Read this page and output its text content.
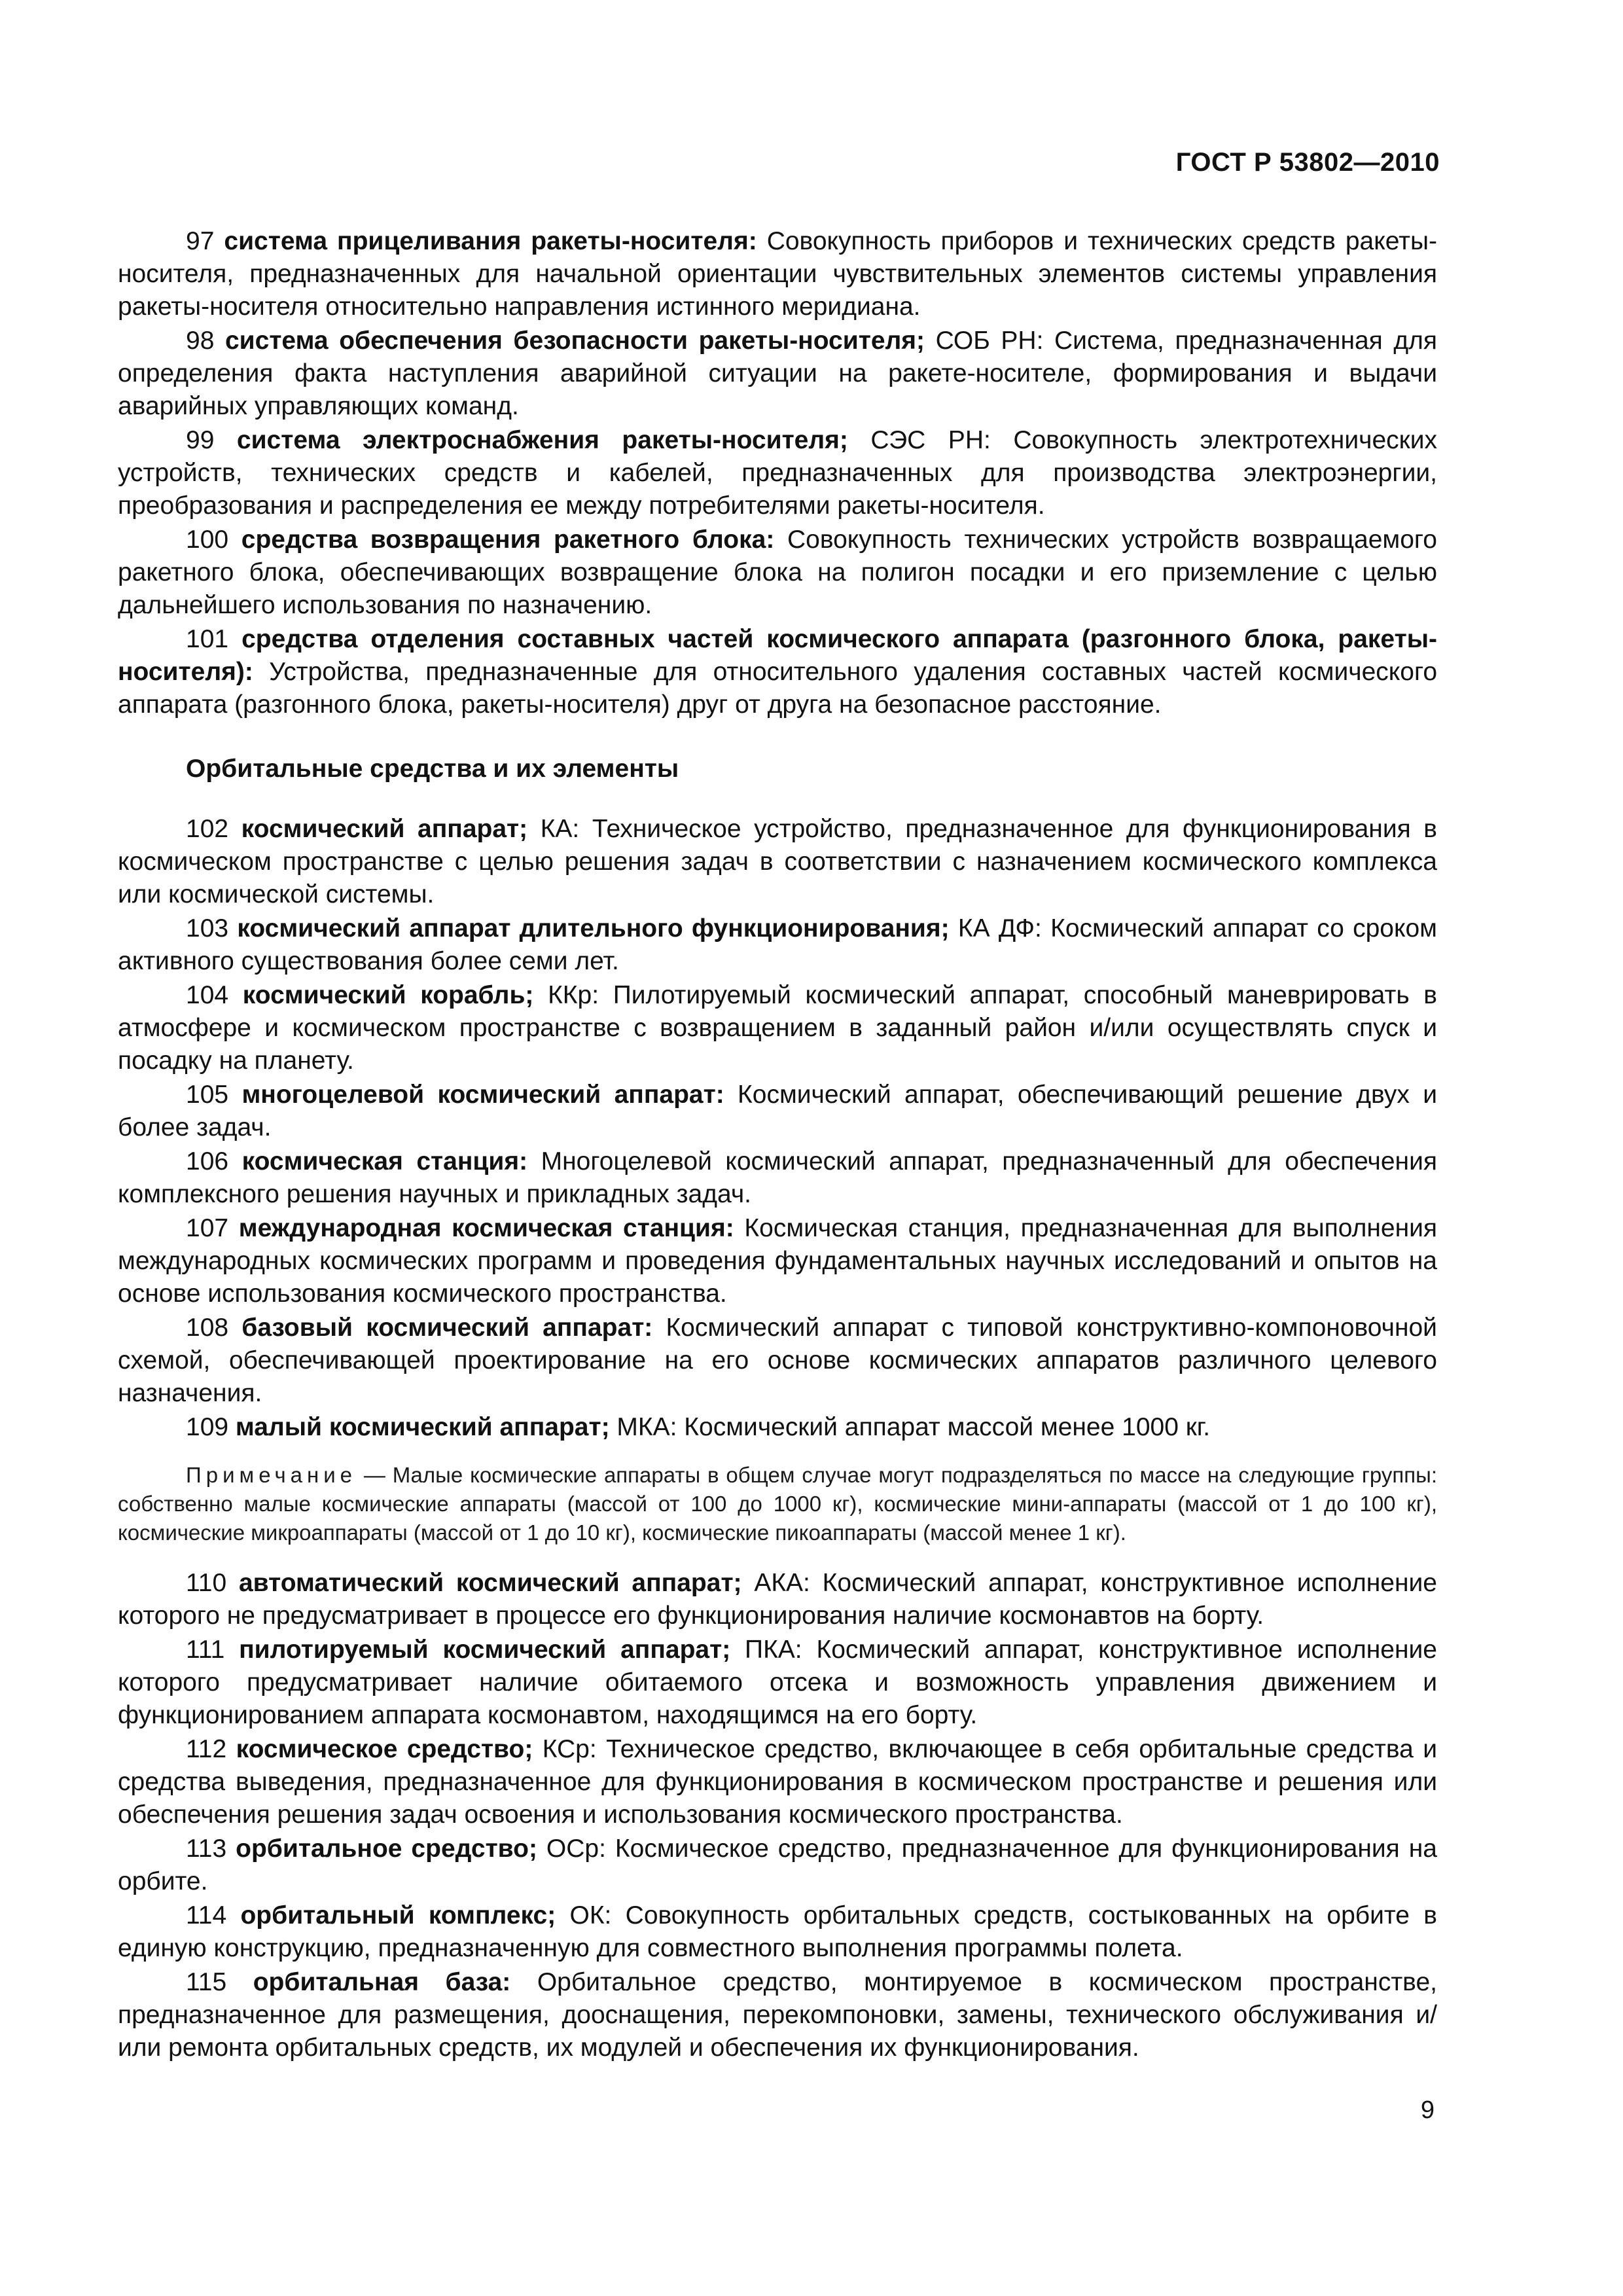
ГОСТ Р 53802—2010

97 система прицеливания ракеты-носителя: Совокупность приборов и технических средств ракеты-носителя, предназначенных для начальной ориентации чувствительных элементов системы управления ракеты-носителя относительно направления истинного меридиана.

98 система обеспечения безопасности ракеты-носителя; СОБ РН: Система, предназначенная для определения факта наступления аварийной ситуации на ракете-носителе, формирования и выдачи аварийных управляющих команд.

99 система электроснабжения ракеты-носителя; СЭС РН: Совокупность электротехнических устройств, технических средств и кабелей, предназначенных для производства электроэнергии, преобразования и распределения ее между потребителями ракеты-носителя.

100 средства возвращения ракетного блока: Совокупность технических устройств возвращаемого ракетного блока, обеспечивающих возвращение блока на полигон посадки и его приземление с целью дальнейшего использования по назначению.

101 средства отделения составных частей космического аппарата (разгонного блока, ракеты-носителя): Устройства, предназначенные для относительного удаления составных частей космического аппарата (разгонного блока, ракеты-носителя) друг от друга на безопасное расстояние.

Орбитальные средства и их элементы

102 космический аппарат; КА: Техническое устройство, предназначенное для функционирования в космическом пространстве с целью решения задач в соответствии с назначением космического комплекса или космической системы.

103 космический аппарат длительного функционирования; КА ДФ: Космический аппарат со сроком активного существования более семи лет.

104 космический корабль; ККр: Пилотируемый космический аппарат, способный маневрировать в атмосфере и космическом пространстве с возвращением в заданный район и/или осуществлять спуск и посадку на планету.

105 многоцелевой космический аппарат: Космический аппарат, обеспечивающий решение двух и более задач.

106 космическая станция: Многоцелевой космический аппарат, предназначенный для обеспечения комплексного решения научных и прикладных задач.

107 международная космическая станция: Космическая станция, предназначенная для выполнения международных космических программ и проведения фундаментальных научных исследований и опытов на основе использования космического пространства.

108 базовый космический аппарат: Космический аппарат с типовой конструктивно-компоновочной схемой, обеспечивающей проектирование на его основе космических аппаратов различного целевого назначения.

109 малый космический аппарат; МКА: Космический аппарат массой менее 1000 кг.

Примечание — Малые космические аппараты в общем случае могут подразделяться по массе на следующие группы: собственно малые космические аппараты (массой от 100 до 1000 кг), космические мини-аппараты (массой от 1 до 100 кг), космические микроаппараты (массой от 1 до 10 кг), космические пикоаппараты (массой менее 1 кг).

110 автоматический космический аппарат; АКА: Космический аппарат, конструктивное исполнение которого не предусматривает в процессе его функционирования наличие космонавтов на борту.

111 пилотируемый космический аппарат; ПКА: Космический аппарат, конструктивное исполнение которого предусматривает наличие обитаемого отсека и возможность управления движением и функционированием аппарата космонавтом, находящимся на его борту.

112 космическое средство; КСр: Техническое средство, включающее в себя орбитальные средства и средства выведения, предназначенное для функционирования в космическом пространстве и решения или обеспечения решения задач освоения и использования космического пространства.

113 орбитальное средство; ОСр: Космическое средство, предназначенное для функционирования на орбите.

114 орбитальный комплекс; ОК: Совокупность орбитальных средств, состыкованных на орбите в единую конструкцию, предназначенную для совместного выполнения программы полета.

115 орбитальная база: Орбитальное средство, монтируемое в космическом пространстве, предназначенное для размещения, дооснащения, перекомпоновки, замены, технического обслуживания и/или ремонта орбитальных средств, их модулей и обеспечения их функционирования.

9
